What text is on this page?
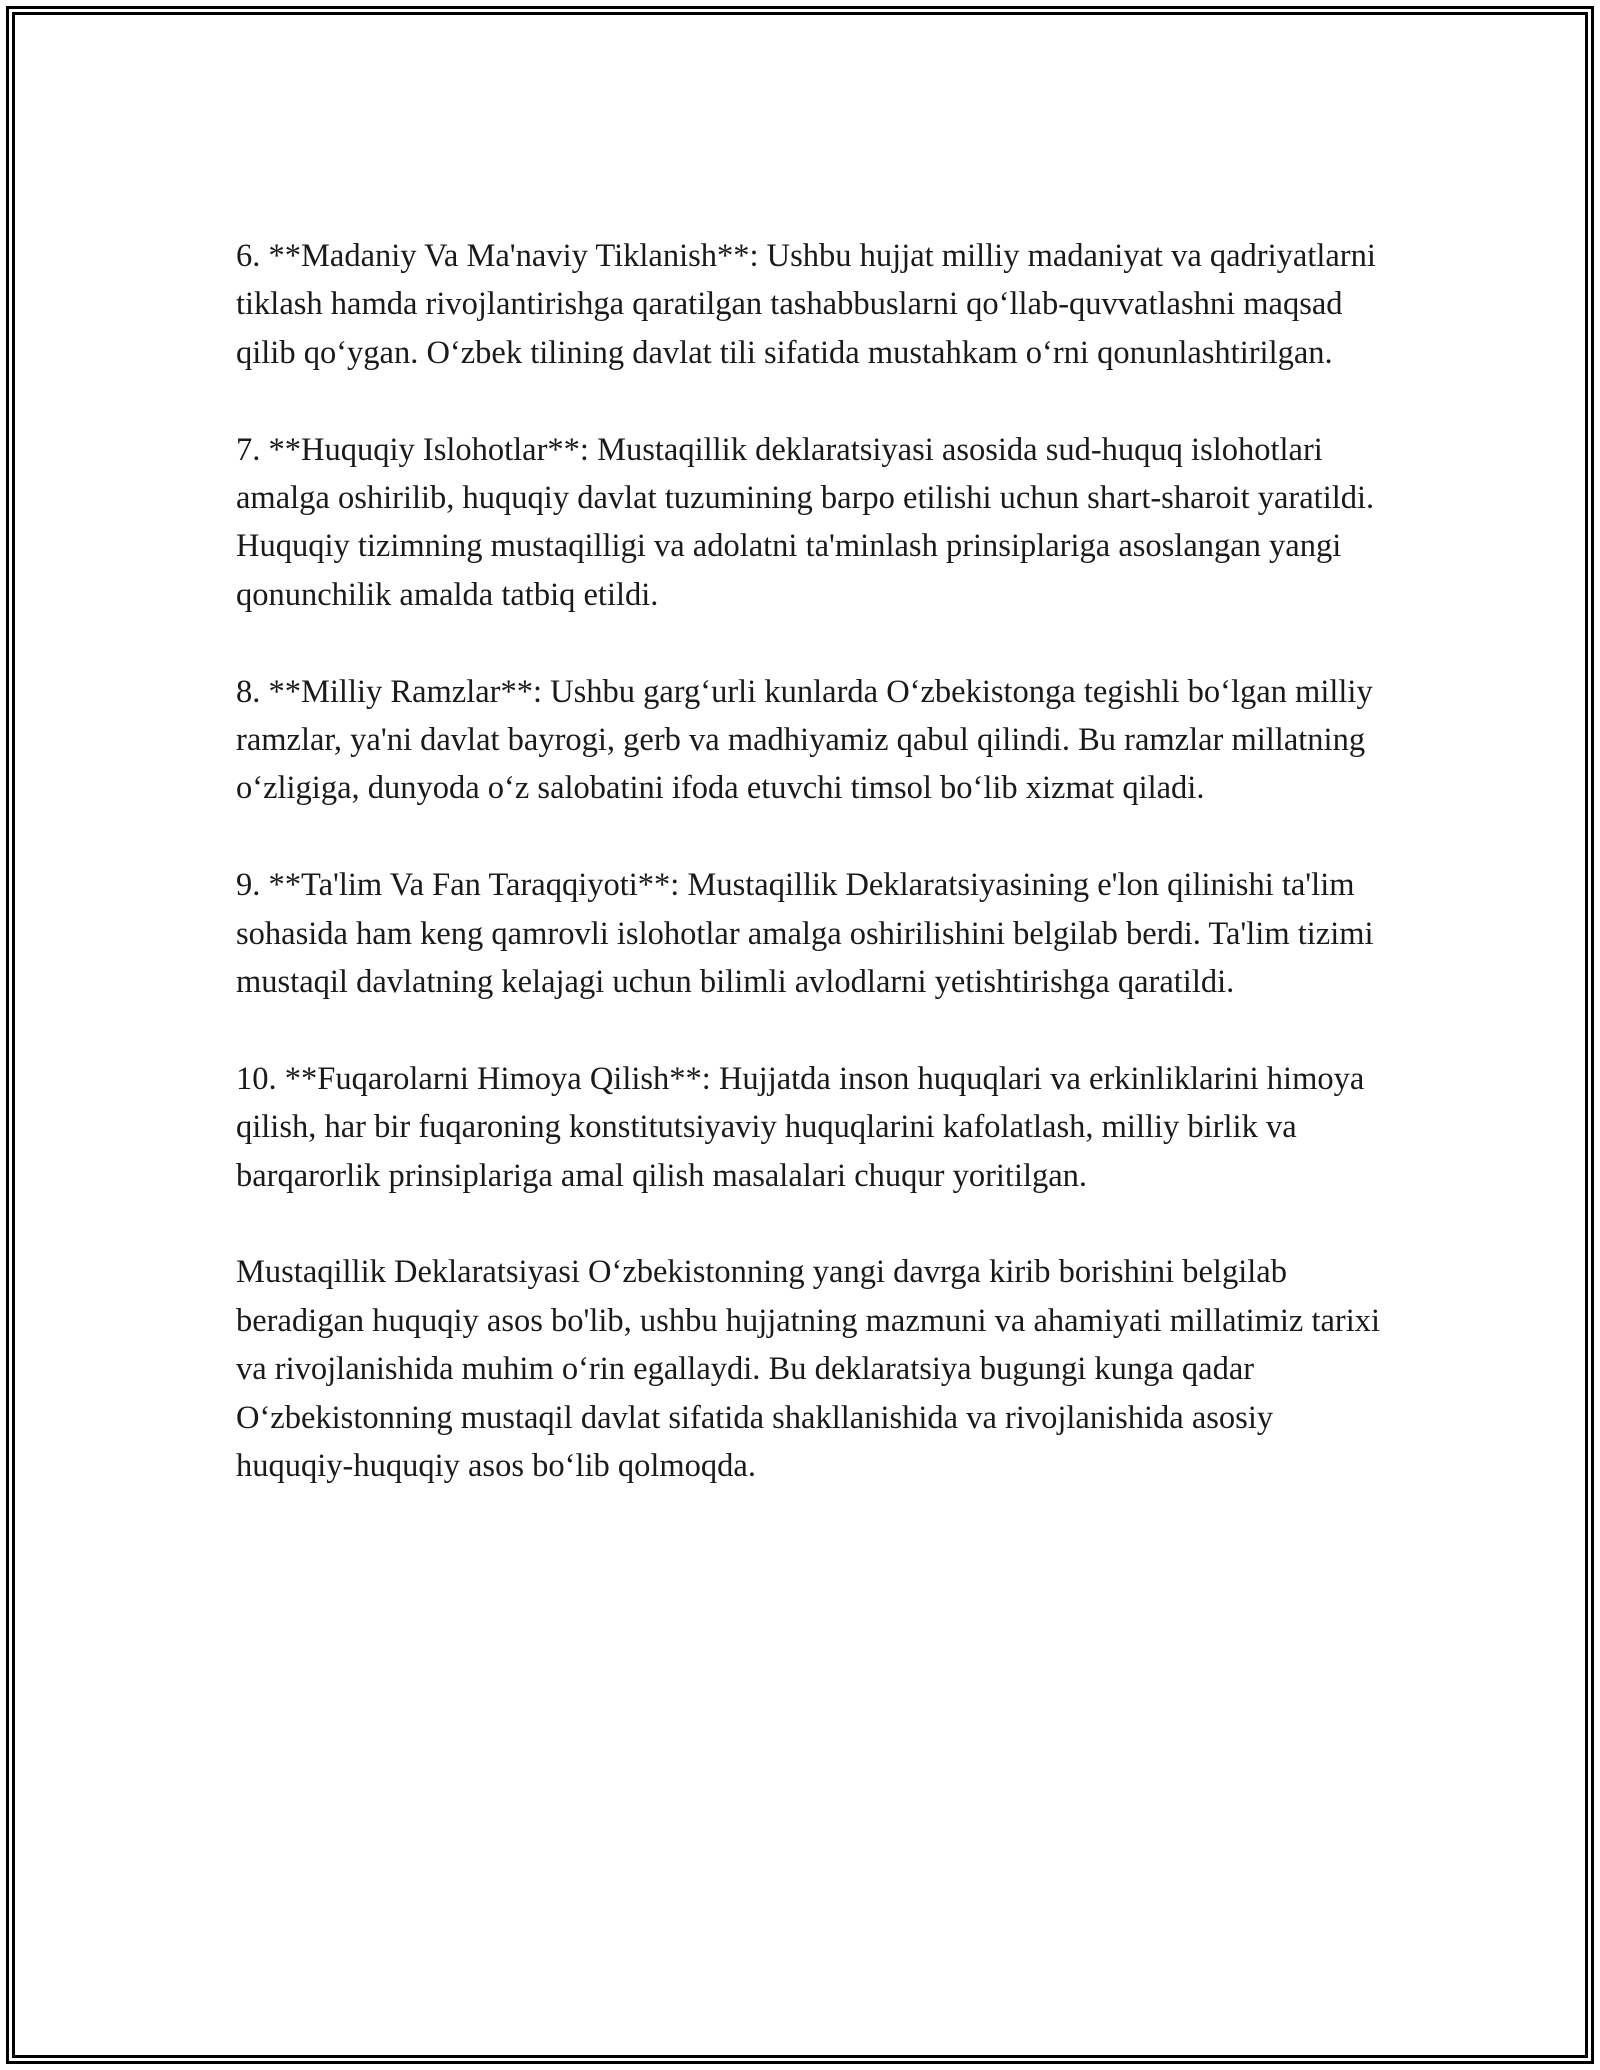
6. **Madaniy Va Ma'naviy Tiklanish**: Ushbu hujjat milliy madaniyat va qadriyatlarni tiklash hamda rivojlantirishga qaratilgan tashabbuslarni qo‘llab-quvvatlashni maqsad qilib qo‘ygan. O‘zbek tilining davlat tili sifatida mustahkam o‘rni qonunlashtirilgan.

7. **Huquqiy Islohotlar**: Mustaqillik deklaratsiyasi asosida sud-huquq islohotlari amalga oshirilib, huquqiy davlat tuzumining barpo etilishi uchun shart-sharoit yaratildi. Huquqiy tizimning mustaqilligi va adolatni ta'minlash prinsiplariga asoslangan yangi qonunchilik amalda tatbiq etildi.

8. **Milliy Ramzlar**: Ushbu garg‘urli kunlarda O‘zbekistonga tegishli bo‘lgan milliy ramzlar, ya'ni davlat bayrogi, gerb va madhiyamiz qabul qilindi. Bu ramzlar millatning o‘zligiga, dunyoda o‘z salobatini ifoda etuvchi timsol bo‘lib xizmat qiladi.

9. **Ta'lim Va Fan Taraqqiyoti**: Mustaqillik Deklaratsiyasining e'lon qilinishi ta'lim sohasida ham keng qamrovli islohotlar amalga oshirilishini belgilab berdi. Ta'lim tizimi mustaqil davlatning kelajagi uchun bilimli avlodlarni yetishtirishga qaratildi.

10. **Fuqarolarni Himoya Qilish**: Hujjatda inson huquqlari va erkinliklarini himoya qilish, har bir fuqaroning konstitutsiyaviy huquqlarini kafolatlash, milliy birlik va barqarorlik prinsiplariga amal qilish masalalari chuqur yoritilgan.

Mustaqillik Deklaratsiyasi O‘zbekistonning yangi davrga kirib borishini belgilab beradigan huquqiy asos bo'lib, ushbu hujjatning mazmuni va ahamiyati millatimiz tarixi va rivojlanishida muhim o‘rin egallaydi. Bu deklaratsiya bugungi kunga qadar O‘zbekistonning mustaqil davlat sifatida shakllanishida va rivojlanishida asosiy huquqiy-huquqiy asos bo‘lib qolmoqda.
